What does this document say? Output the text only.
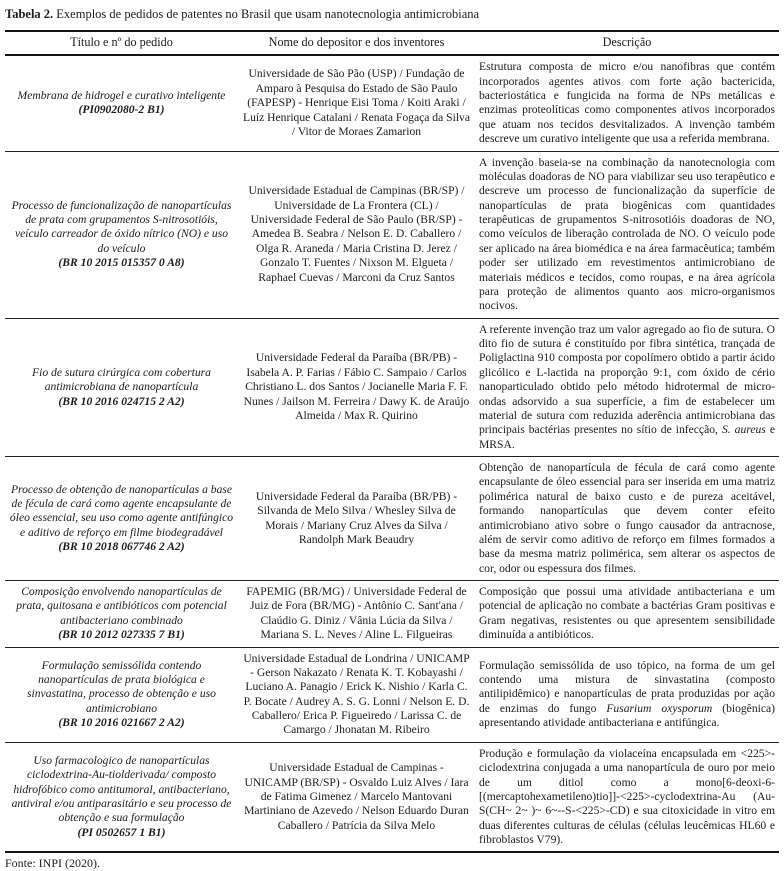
Tabela 2. Exemplos de pedidos de patentes no Brasil que usam nanotecnologia antimicrobiana
Título e nº do pedido	Nome do depositor e dos inventores	Descrição

Membrana de hidrogel e curativo inteligente
(PI0902080-2 B1)
	Universidade de São Pão (USP) / Fundação de Amparo à Pesquisa do Estado de São Paulo (FAPESP) - Henrique Eisi Toma / Koiti Araki / Luíz Henrique Catalani / Renata Fogaça da Silva / Vitor de Moraes Zamarion	Estrutura composta de micro e/ou nanofibras que contém incorporados agentes ativos com forte ação bactericida, bacteriostática e fungicida na forma de NPs metálicas e enzimas proteolíticas como componentes ativos incorporados que atuam nos tecidos desvitalizados. A invenção também descreve um curativo inteligente que usa a referida membrana.

Processo de funcionalização de nanopartículas de prata com grupamentos S-nitrosotióis, veículo carreador de óxido nítrico (NO) e uso do veículo
(BR 10 2015 015357 0 A8)
	Universidade Estadual de Campinas (BR/SP) / Universidade de La Frontera (CL) / Universidade Federal de São Paulo (BR/SP) - Amedea B. Seabra / Nelson E. D. Caballero / Olga R. Araneda / Maria Cristina D. Jerez / Gonzalo T. Fuentes / Nixson M. Elgueta / Raphael Cuevas / Marconi da Cruz Santos	A invenção baseia-se na combinação da nanotecnologia com moléculas doadoras de NO para viabilizar seu uso terapêutico e descreve um processo de funcionalização da superfície de nanopartículas de prata biogênicas com quantidades terapêuticas de grupamentos S-nitrosotióis doadoras de NO, como veículos de liberação controlada de NO. O veículo pode ser aplicado na área biomédica e na área farmacêutica; também poder ser utilizado em revestimentos antimicrobiano de materiais médicos e tecidos, como roupas, e na área agrícola para proteção de alimentos quanto aos micro-organismos nocivos.

Fio de sutura cirúrgica com cobertura antimicrobiana de nanopartícula
(BR 10 2016 024715 2 A2)
	Universidade Federal da Paraíba (BR/PB) - Isabela A. P. Farias / Fábio C. Sampaio / Carlos Christiano L. dos Santos / Jocianelle Maria F. F. Nunes / Jailson M. Ferreira / Dawy K. de Araújo Almeida / Max R. Quirino	A referente invenção traz um valor agregado ao fio de sutura. O dito fio de sutura é constituído por fibra sintética, trançada de Poliglactina 910 composta por copolímero obtido a partir ácido glicólico e L-lactida na proporção 9:1, com óxido de cério nanoparticulado obtido pelo método hidrotermal de micro-ondas adsorvido a sua superfície, a fim de estabelecer um material de sutura com reduzida aderência antimicrobiana das principais bactérias presentes no sítio de infecção, S. aureus e MRSA.

Processo de obtenção de nanopartículas a base de fécula de cará como agente encapsulante de óleo essencial, seu uso como agente antifúngico e aditivo de reforço em filme biodegradável
(BR 10 2018 067746 2 A2)
	Universidade Federal da Paraíba (BR/PB) - Silvanda de Melo Silva / Whesley Silva de Morais / Mariany Cruz Alves da Silva / Randolph Mark Beaudry	Obtenção de nanopartícula de fécula de cará como agente encapsulante de óleo essencial para ser inserida em uma matriz polimérica natural de baixo custo e de pureza aceitável, formando nanopartículas que devem conter efeito antimicrobiano ativo sobre o fungo causador da antracnose, além de servir como aditivo de reforço em filmes formados a base da mesma matriz polimérica, sem alterar os aspectos de cor, odor ou espessura dos filmes.

Composição envolvendo nanopartículas de prata, quitosana e antibióticos com potencial antibacteriano combinado
(BR 10 2012 027335 7 B1)	FAPEMIG (BR/MG) / Universidade Federal de Juiz de Fora (BR/MG) - Antônio C. Sant'ana / Claúdio G. Diniz / Vânia Lúcia da Silva / Mariana S. L. Neves / Aline L. Filgueiras	Composição que possui uma atividade antibacteriana e um potencial de aplicação no combate a bactérias Gram positivas e Gram negativas, resistentes ou que apresentem sensibilidade diminuída a antibióticos.

Formulação semissólida contendo nanopartículas de prata biológica e sinvastatina, processo de obtenção e uso antimicrobiano
(BR 10 2016 021667 2 A2)
	Universidade Estadual de Londrina / UNICAMP - Gerson Nakazato / Renata K. T. Kobayashi / Luciano A. Panagio / Erick K. Nishio / Karla C. P. Bocate / Audrey A. S. G. Lonni / Nelson E. D. Caballero/ Erica P. Figueiredo / Larissa C. de Camargo / Jhonatan M. Ribeiro	Formulação semissólida de uso tópico, na forma de um gel contendo uma mistura de sinvastatina (composto antilipidêmico) e nanopartículas de prata produzidas por ação de enzimas do fungo Fusarium oxysporum (biogênica) apresentando atividade antibacteriana e antifúngica.

Uso farmacologico de nanopartículas ciclodextrina-Au-tiolderivada/ composto hidrofóbico como antitumoral, antibacteriano, antiviral e/ou antiparasitário e seu processo de obtenção e sua formulação
(PI 0502657 1 B1)
	Universidade Estadual de Campinas - UNICAMP (BR/SP) - Osvaldo Luiz Alves / Iara de Fatima Gimenez / Marcelo Mantovani Martiniano de Azevedo / Nelson Eduardo Duran Caballero / Patrícia da Silva Melo	Produção e formulação da violaceína encapsulada em <225>-ciclodextrina conjugada a uma nanopartícula de ouro por meio de um ditiol como a mono[6-deoxi-6-[(mercaptohexametileno)tio]]-<225>-cyclodextrina-Au (Au-S(CH~ 2~ )~ 6~--S-<225>-CD) e sua citoxicidade in vitro em duas diferentes culturas de células (células leucêmicas HL60 e fibroblastos V79).
Fonte: INPI (2020).
